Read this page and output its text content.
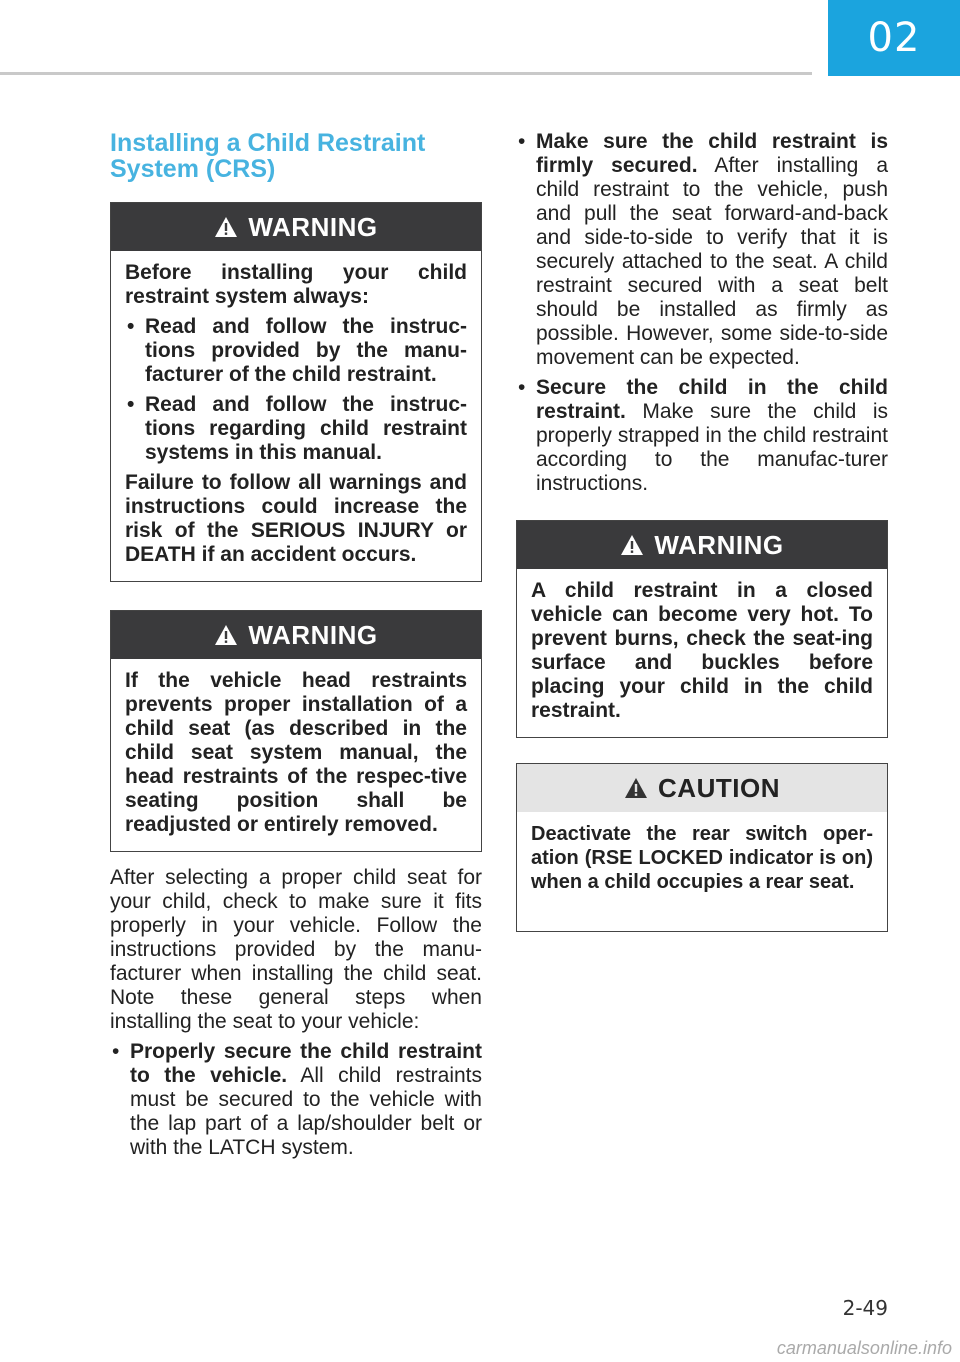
02
Installing a Child Restraint System (CRS)
WARNING

Before installing your child restraint system always:

• Read and follow the instruc-tions provided by the manu-facturer of the child restraint.

• Read and follow the instruc-tions regarding child restraint systems in this manual.

Failure to follow all warnings and instructions could increase the risk of the SERIOUS INJURY or DEATH if an accident occurs.

WARNING

If the vehicle head restraints prevents proper installation of a child seat (as described in the child seat system manual, the head restraints of the respec-tive seating position shall be readjusted or entirely removed.

After selecting a proper child seat for your child, check to make sure it fits properly in your vehicle. Follow the instructions provided by the manu-facturer when installing the child seat. Note these general steps when installing the seat to your vehicle:

• Properly secure the child restraint to the vehicle. All child restraints must be secured to the vehicle with the lap part of a lap/shoulder belt or with the LATCH system.
• Make sure the child restraint is firmly secured. After installing a child restraint to the vehicle, push and pull the seat forward-and-back and side-to-side to verify that it is securely attached to the seat. A child restraint secured with a seat belt should be installed as firmly as possible. However, some side-to-side movement can be expected.
• Secure the child in the child restraint. Make sure the child is properly strapped in the child restraint according to the manufac-turer instructions.
WARNING

A child restraint in a closed vehicle can become very hot. To prevent burns, check the seat-ing surface and buckles before placing your child in the child restraint.

CAUTION

Deactivate the rear switch oper-ation (RSE LOCKED indicator is on) when a child occupies a rear seat.

2-49
carmanualsonline.info
